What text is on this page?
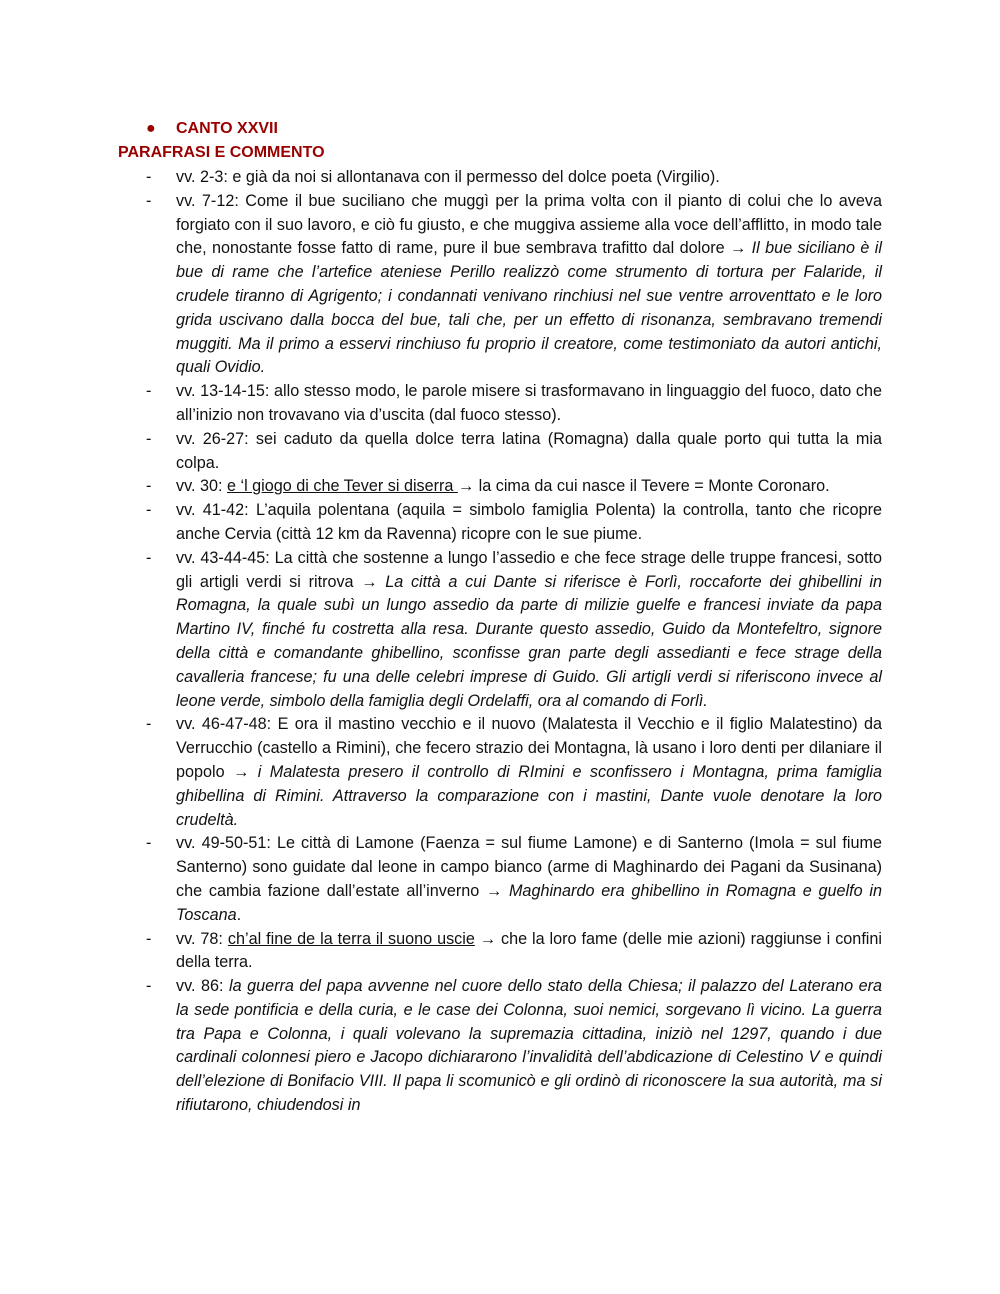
● CANTO XXVII
PARAFRASI E COMMENTO
-	vv. 2-3: e già da noi si allontanava con il permesso del dolce poeta (Virgilio).
-	vv. 7-12: Come il bue suciliano che muggì per la prima volta con il pianto di colui che lo aveva forgiato con il suo lavoro, e ciò fu giusto, e che muggiva assieme alla voce dell’afflitto, in modo tale che, nonostante fosse fatto di rame, pure il bue sembrava trafitto dal dolore → Il bue siciliano è il bue di rame che l’artefice ateniese Perillo realizzò come strumento di tortura per Falaride, il crudele tiranno di Agrigento; i condannati venivano rinchiusi nel sue ventre arroventtato e le loro grida uscivano dalla bocca del bue, tali che, per un effetto di risonanza, sembravano tremendi muggiti. Ma il primo a esservi rinchiuso fu proprio il creatore, come testimoniato da autori antichi, quali Ovidio.
-	vv. 13-14-15: allo stesso modo, le parole misere si trasformavano in linguaggio del fuoco, dato che all’inizio non trovavano via d’uscita (dal fuoco stesso).
-	vv. 26-27: sei caduto da quella dolce terra latina (Romagna) dalla quale porto qui tutta la mia colpa.
-	vv. 30: e ‘l giogo di che Tever si diserra → la cima da cui nasce il Tevere = Monte Coronaro.
-	vv. 41-42: L’aquila polentana (aquila = simbolo famiglia Polenta) la controlla, tanto che ricopre anche Cervia (città 12 km da Ravenna) ricopre con le sue piume.
-	vv. 43-44-45: La città che sostenne a lungo l’assedio e che fece strage delle truppe francesi, sotto gli artigli verdi si ritrova → La città a cui Dante si riferisce è Forlì, roccaforte dei ghibellini in Romagna, la quale subì un lungo assedio da parte di milizie guelfe e francesi inviate da papa Martino IV, finché fu costretta alla resa. Durante questo assedio, Guido da Montefeltro, signore della città e comandante ghibellino, sconfisse gran parte degli assedianti e fece strage della cavalleria francese; fu una delle celebri imprese di Guido. Gli artigli verdi si riferiscono invece al leone verde, simbolo della famiglia degli Ordelaffi, ora al comando di Forlì.
-	vv. 46-47-48: E ora il mastino vecchio e il nuovo (Malatesta il Vecchio e il figlio Malatestino) da Verrucchio (castello a Rimini), che fecero strazio dei Montagna, là usano i loro denti per dilaniare il popolo → i Malatesta presero il controllo di RImini e sconfissero i Montagna, prima famiglia ghibellina di Rimini. Attraverso la comparazione con i mastini, Dante vuole denotare la loro crudeltà.
-	vv. 49-50-51: Le città di Lamone (Faenza = sul fiume Lamone) e di Santerno (Imola = sul fiume Santerno) sono guidate dal leone in campo bianco (arme di Maghinardo dei Pagani da Susinana) che cambia fazione dall’estate all’inverno → Maghinardo era ghibellino in Romagna e guelfo in Toscana.
-	vv. 78: ch’al fine de la terra il suono uscie → che la loro fame (delle mie azioni) raggiunse i confini della terra.
-	vv. 86: la guerra del papa avvenne nel cuore dello stato della Chiesa; il palazzo del Laterano era la sede pontificia e della curia, e le case dei Colonna, suoi nemici, sorgevano lì vicino. La guerra tra Papa e Colonna, i quali volevano la supremazia cittadina, iniziò nel 1297, quando i due cardinali colonnesi piero e Jacopo dichiararono l’invalidità dell’abdicazione di Celestino V e quindi dell’elezione di Bonifacio VIII. Il papa li scomunicò e gli ordinò di riconoscere la sua autorità, ma si rifiutarono, chiudendosi in
